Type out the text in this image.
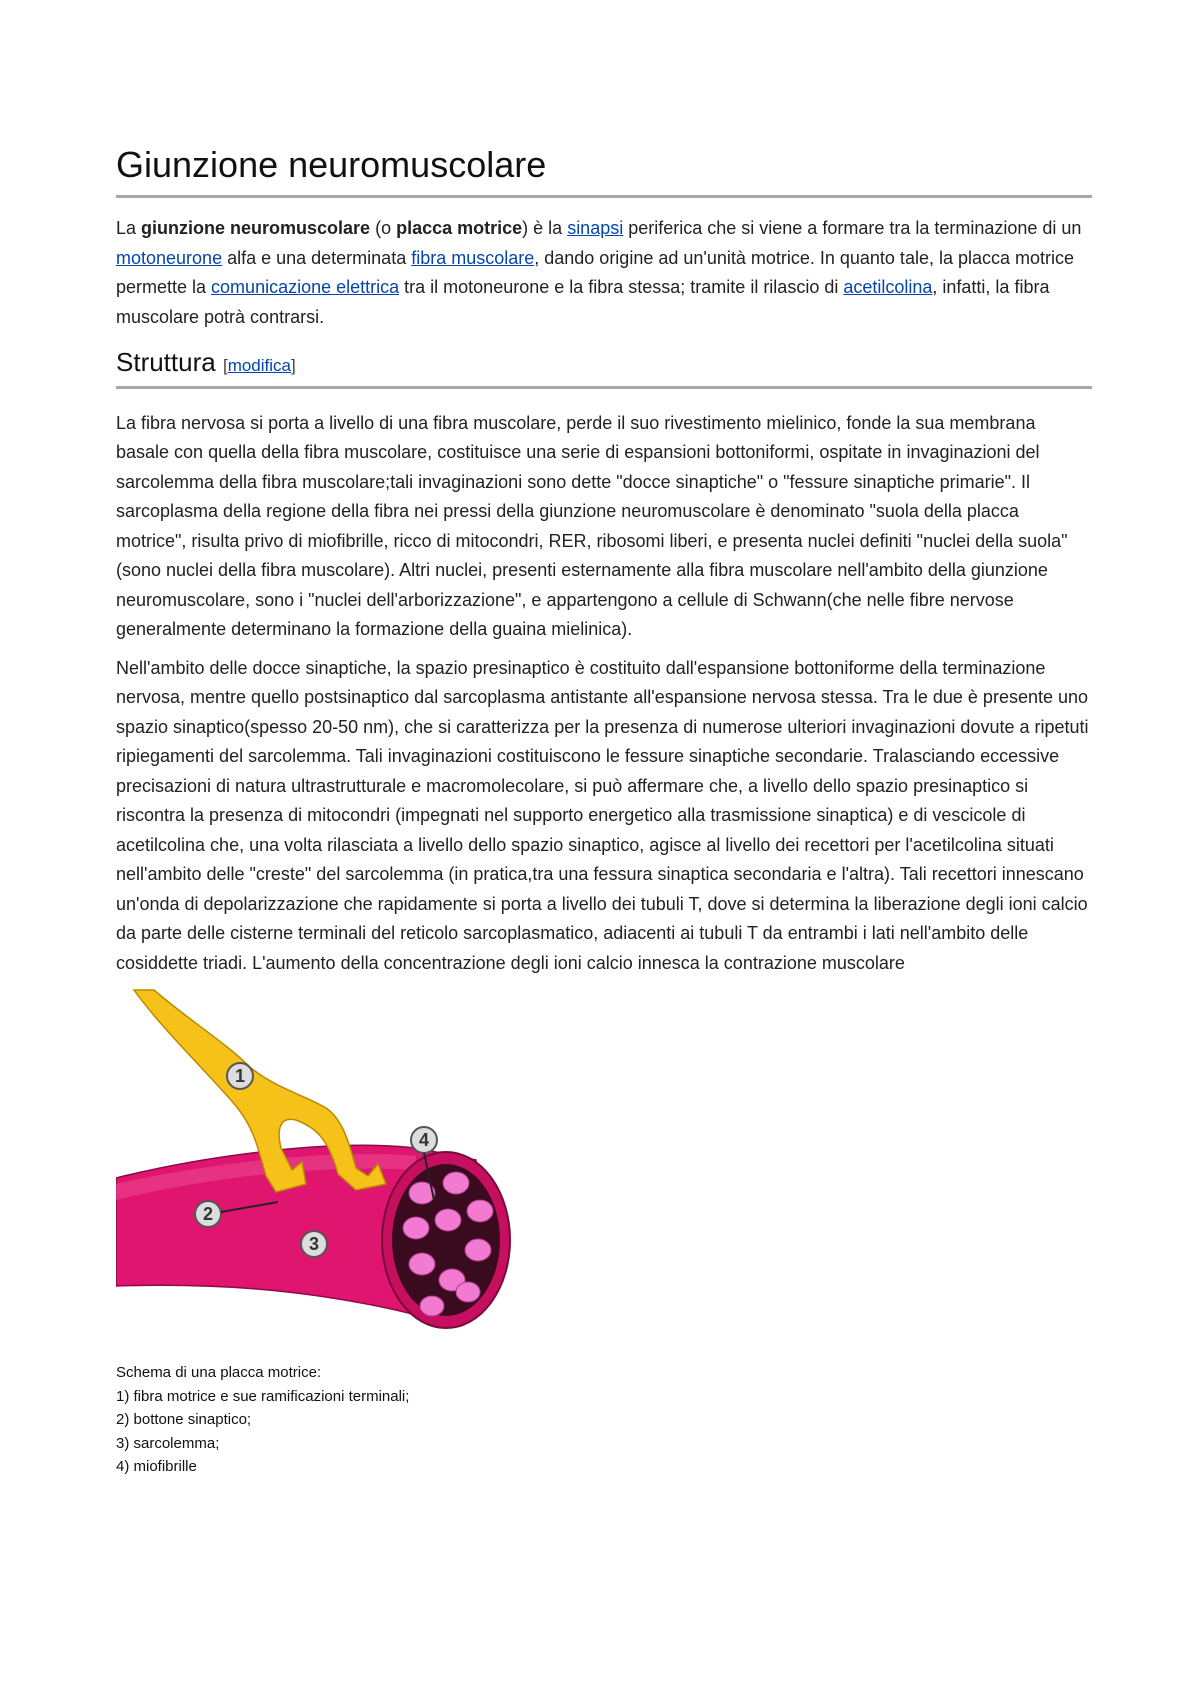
Giunzione neuromuscolare

La giunzione neuromuscolare (o placca motrice) è la sinapsi periferica che si viene a formare tra la terminazione di un motoneurone alfa e una determinata fibra muscolare, dando origine ad un'unità motrice. In quanto tale, la placca motrice permette la comunicazione elettrica tra il motoneurone e la fibra stessa; tramite il rilascio di acetilcolina, infatti, la fibra muscolare potrà contrarsi.

Struttura [modifica]

La fibra nervosa si porta a livello di una fibra muscolare, perde il suo rivestimento mielinico, fonde la sua membrana basale con quella della fibra muscolare, costituisce una serie di espansioni bottoniformi, ospitate in invaginazioni del sarcolemma della fibra muscolare;tali invaginazioni sono dette "docce sinaptiche" o "fessure sinaptiche primarie". Il sarcoplasma della regione della fibra nei pressi della giunzione neuromuscolare è denominato "suola della placca motrice", risulta privo di miofibrille, ricco di mitocondri, RER, ribosomi liberi, e presenta nuclei definiti "nuclei della suola"(sono nuclei della fibra muscolare). Altri nuclei, presenti esternamente alla fibra muscolare nell'ambito della giunzione neuromuscolare, sono i "nuclei dell'arborizzazione", e appartengono a cellule di Schwann(che nelle fibre nervose generalmente determinano la formazione della guaina mielinica).

Nell'ambito delle docce sinaptiche, la spazio presinaptico è costituito dall'espansione bottoniforme della terminazione nervosa, mentre quello postsinaptico dal sarcoplasma antistante all'espansione nervosa stessa. Tra le due è presente uno spazio sinaptico(spesso 20-50 nm), che si caratterizza per la presenza di numerose ulteriori invaginazioni dovute a ripetuti ripiegamenti del sarcolemma. Tali invaginazioni costituiscono le fessure sinaptiche secondarie. Tralasciando eccessive precisazioni di natura ultrastrutturale e macromolecolare, si può affermare che, a livello dello spazio presinaptico si riscontra la presenza di mitocondri (impegnati nel supporto energetico alla trasmissione sinaptica) e di vescicole di acetilcolina che, una volta rilasciata a livello dello spazio sinaptico, agisce al livello dei recettori per l'acetilcolina situati nell'ambito delle "creste" del sarcolemma (in pratica,tra una fessura sinaptica secondaria e l'altra). Tali recettori innescano un'onda di depolarizzazione che rapidamente si porta a livello dei tubuli T, dove si determina la liberazione degli ioni calcio da parte delle cisterne terminali del reticolo sarcoplasmatico, adiacenti ai tubuli T da entrambi i lati nell'ambito delle cosiddette triadi. L'aumento della concentrazione degli ioni calcio innesca la contrazione muscolare

1
2
3
4
Schema di una placca motrice:
1) fibra motrice e sue ramificazioni terminali;
2) bottone sinaptico;
3) sarcolemma;
4) miofibrille
